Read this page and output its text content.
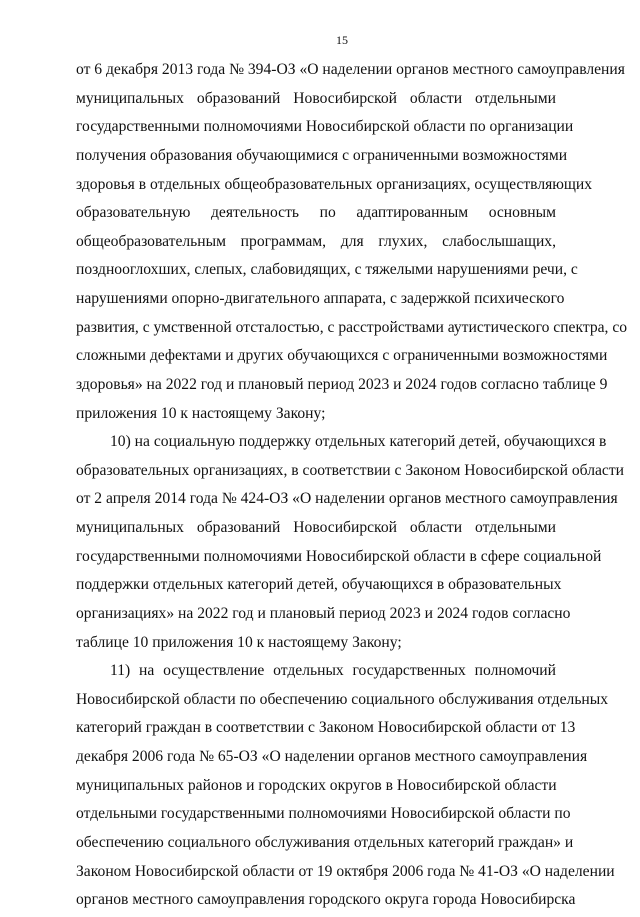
15
от 6 декабря 2013 года № 394-ОЗ «О наделении органов местного самоуправления
муниципальных образований Новосибирской области отдельными
государственными полномочиями Новосибирской области по организации
получения образования обучающимися с ограниченными возможностями
здоровья в отдельных общеобразовательных организациях, осуществляющих
образовательную деятельность по адаптированным основным
общеобразовательным программам, для глухих, слабослышащих,
позднооглохших, слепых, слабовидящих, с тяжелыми нарушениями речи, с
нарушениями опорно-двигательного аппарата, с задержкой психического
развития, с умственной отсталостью, с расстройствами аутистического спектра, со
сложными дефектами и других обучающихся с ограниченными возможностями
здоровья» на 2022 год и плановый период 2023 и 2024 годов согласно таблице 9
приложения 10 к настоящему Закону;
10) на социальную поддержку отдельных категорий детей, обучающихся в
образовательных организациях, в соответствии с Законом Новосибирской области
от 2 апреля 2014 года № 424-ОЗ «О наделении органов местного самоуправления
муниципальных образований Новосибирской области отдельными
государственными полномочиями Новосибирской области в сфере социальной
поддержки отдельных категорий детей, обучающихся в образовательных
организациях» на 2022 год и плановый период 2023 и 2024 годов согласно
таблице 10 приложения 10 к настоящему Закону;
11) на осуществление отдельных государственных полномочий
Новосибирской области по обеспечению социального обслуживания отдельных
категорий граждан в соответствии с Законом Новосибирской области от 13
декабря 2006 года № 65-ОЗ «О наделении органов местного самоуправления
муниципальных районов и городских округов в Новосибирской области
отдельными государственными полномочиями Новосибирской области по
обеспечению социального обслуживания отдельных категорий граждан» и
Законом Новосибирской области от 19 октября 2006 года № 41-ОЗ «О наделении
органов местного самоуправления городского округа города Новосибирска
